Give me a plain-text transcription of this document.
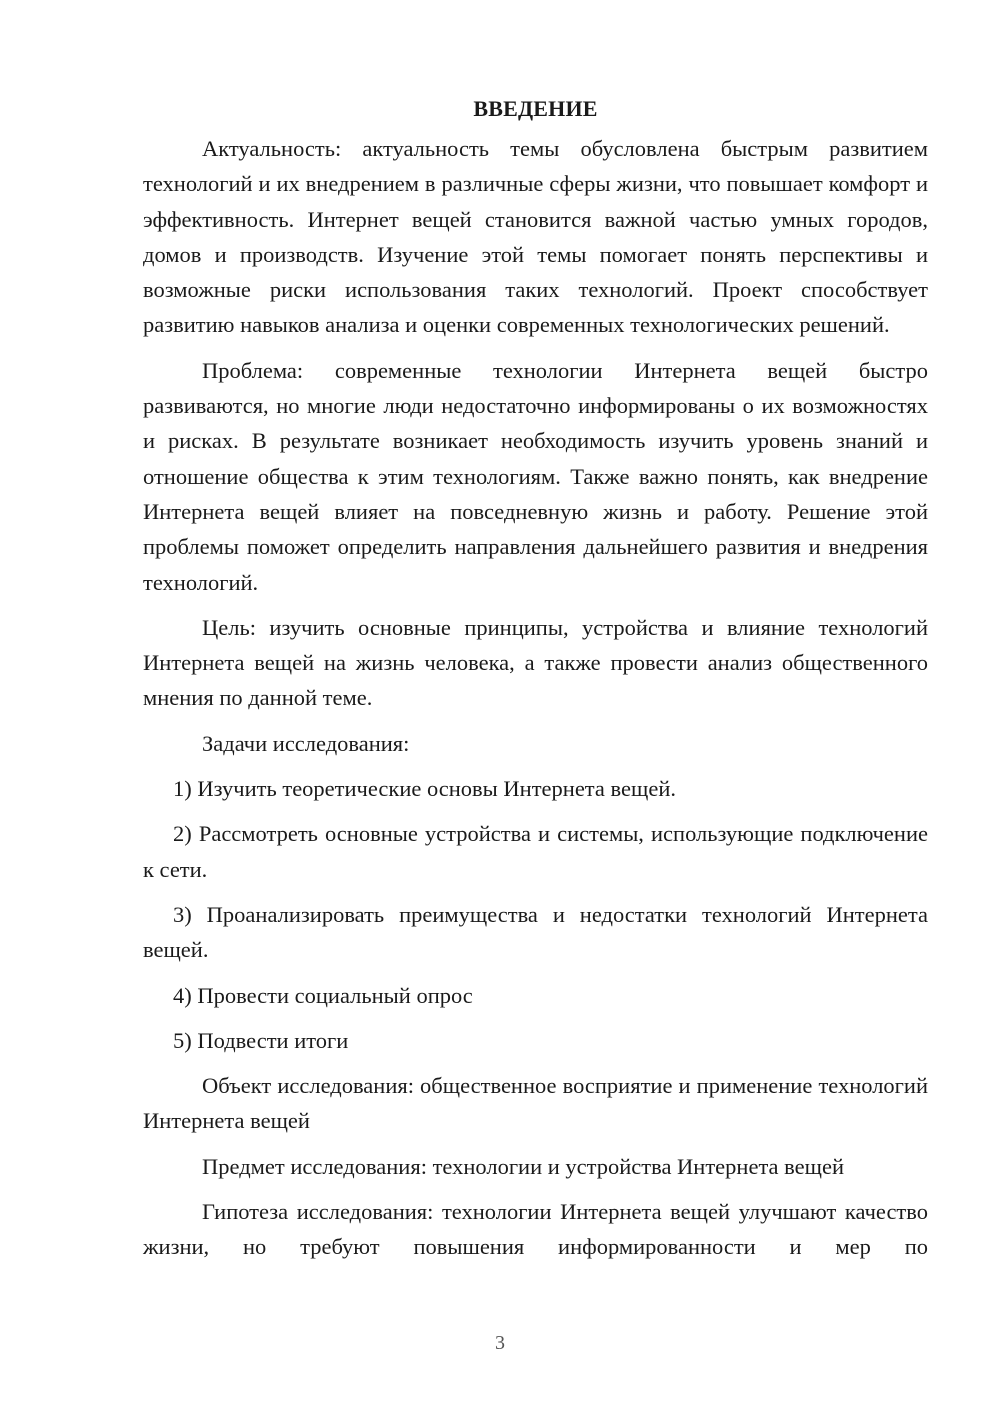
ВВЕДЕНИЕ

Актуальность: актуальность темы обусловлена быстрым развитием технологий и их внедрением в различные сферы жизни, что повышает комфорт и эффективность. Интернет вещей становится важной частью умных городов, домов и производств. Изучение этой темы помогает понять перспективы и возможные риски использования таких технологий. Проект способствует развитию навыков анализа и оценки современных технологических решений.

Проблема: современные технологии Интернета вещей быстро развиваются, но многие люди недостаточно информированы о их возможностях и рисках. В результате возникает необходимость изучить уровень знаний и отношение общества к этим технологиям. Также важно понять, как внедрение Интернета вещей влияет на повседневную жизнь и работу. Решение этой проблемы поможет определить направления дальнейшего развития и внедрения технологий.

Цель: изучить основные принципы, устройства и влияние технологий Интернета вещей на жизнь человека, а также провести анализ общественного мнения по данной теме.

Задачи исследования:

1) Изучить теоретические основы Интернета вещей.

2) Рассмотреть основные устройства и системы, использующие подключение к сети.

3) Проанализировать преимущества и недостатки технологий Интернета вещей.

4) Провести социальный опрос

5) Подвести итоги

Объект исследования: общественное восприятие и применение технологий Интернета вещей

Предмет исследования: технологии и устройства Интернета вещей

Гипотеза исследования: технологии Интернета вещей улучшают качество жизни, но требуют повышения информированности и мер по

3
